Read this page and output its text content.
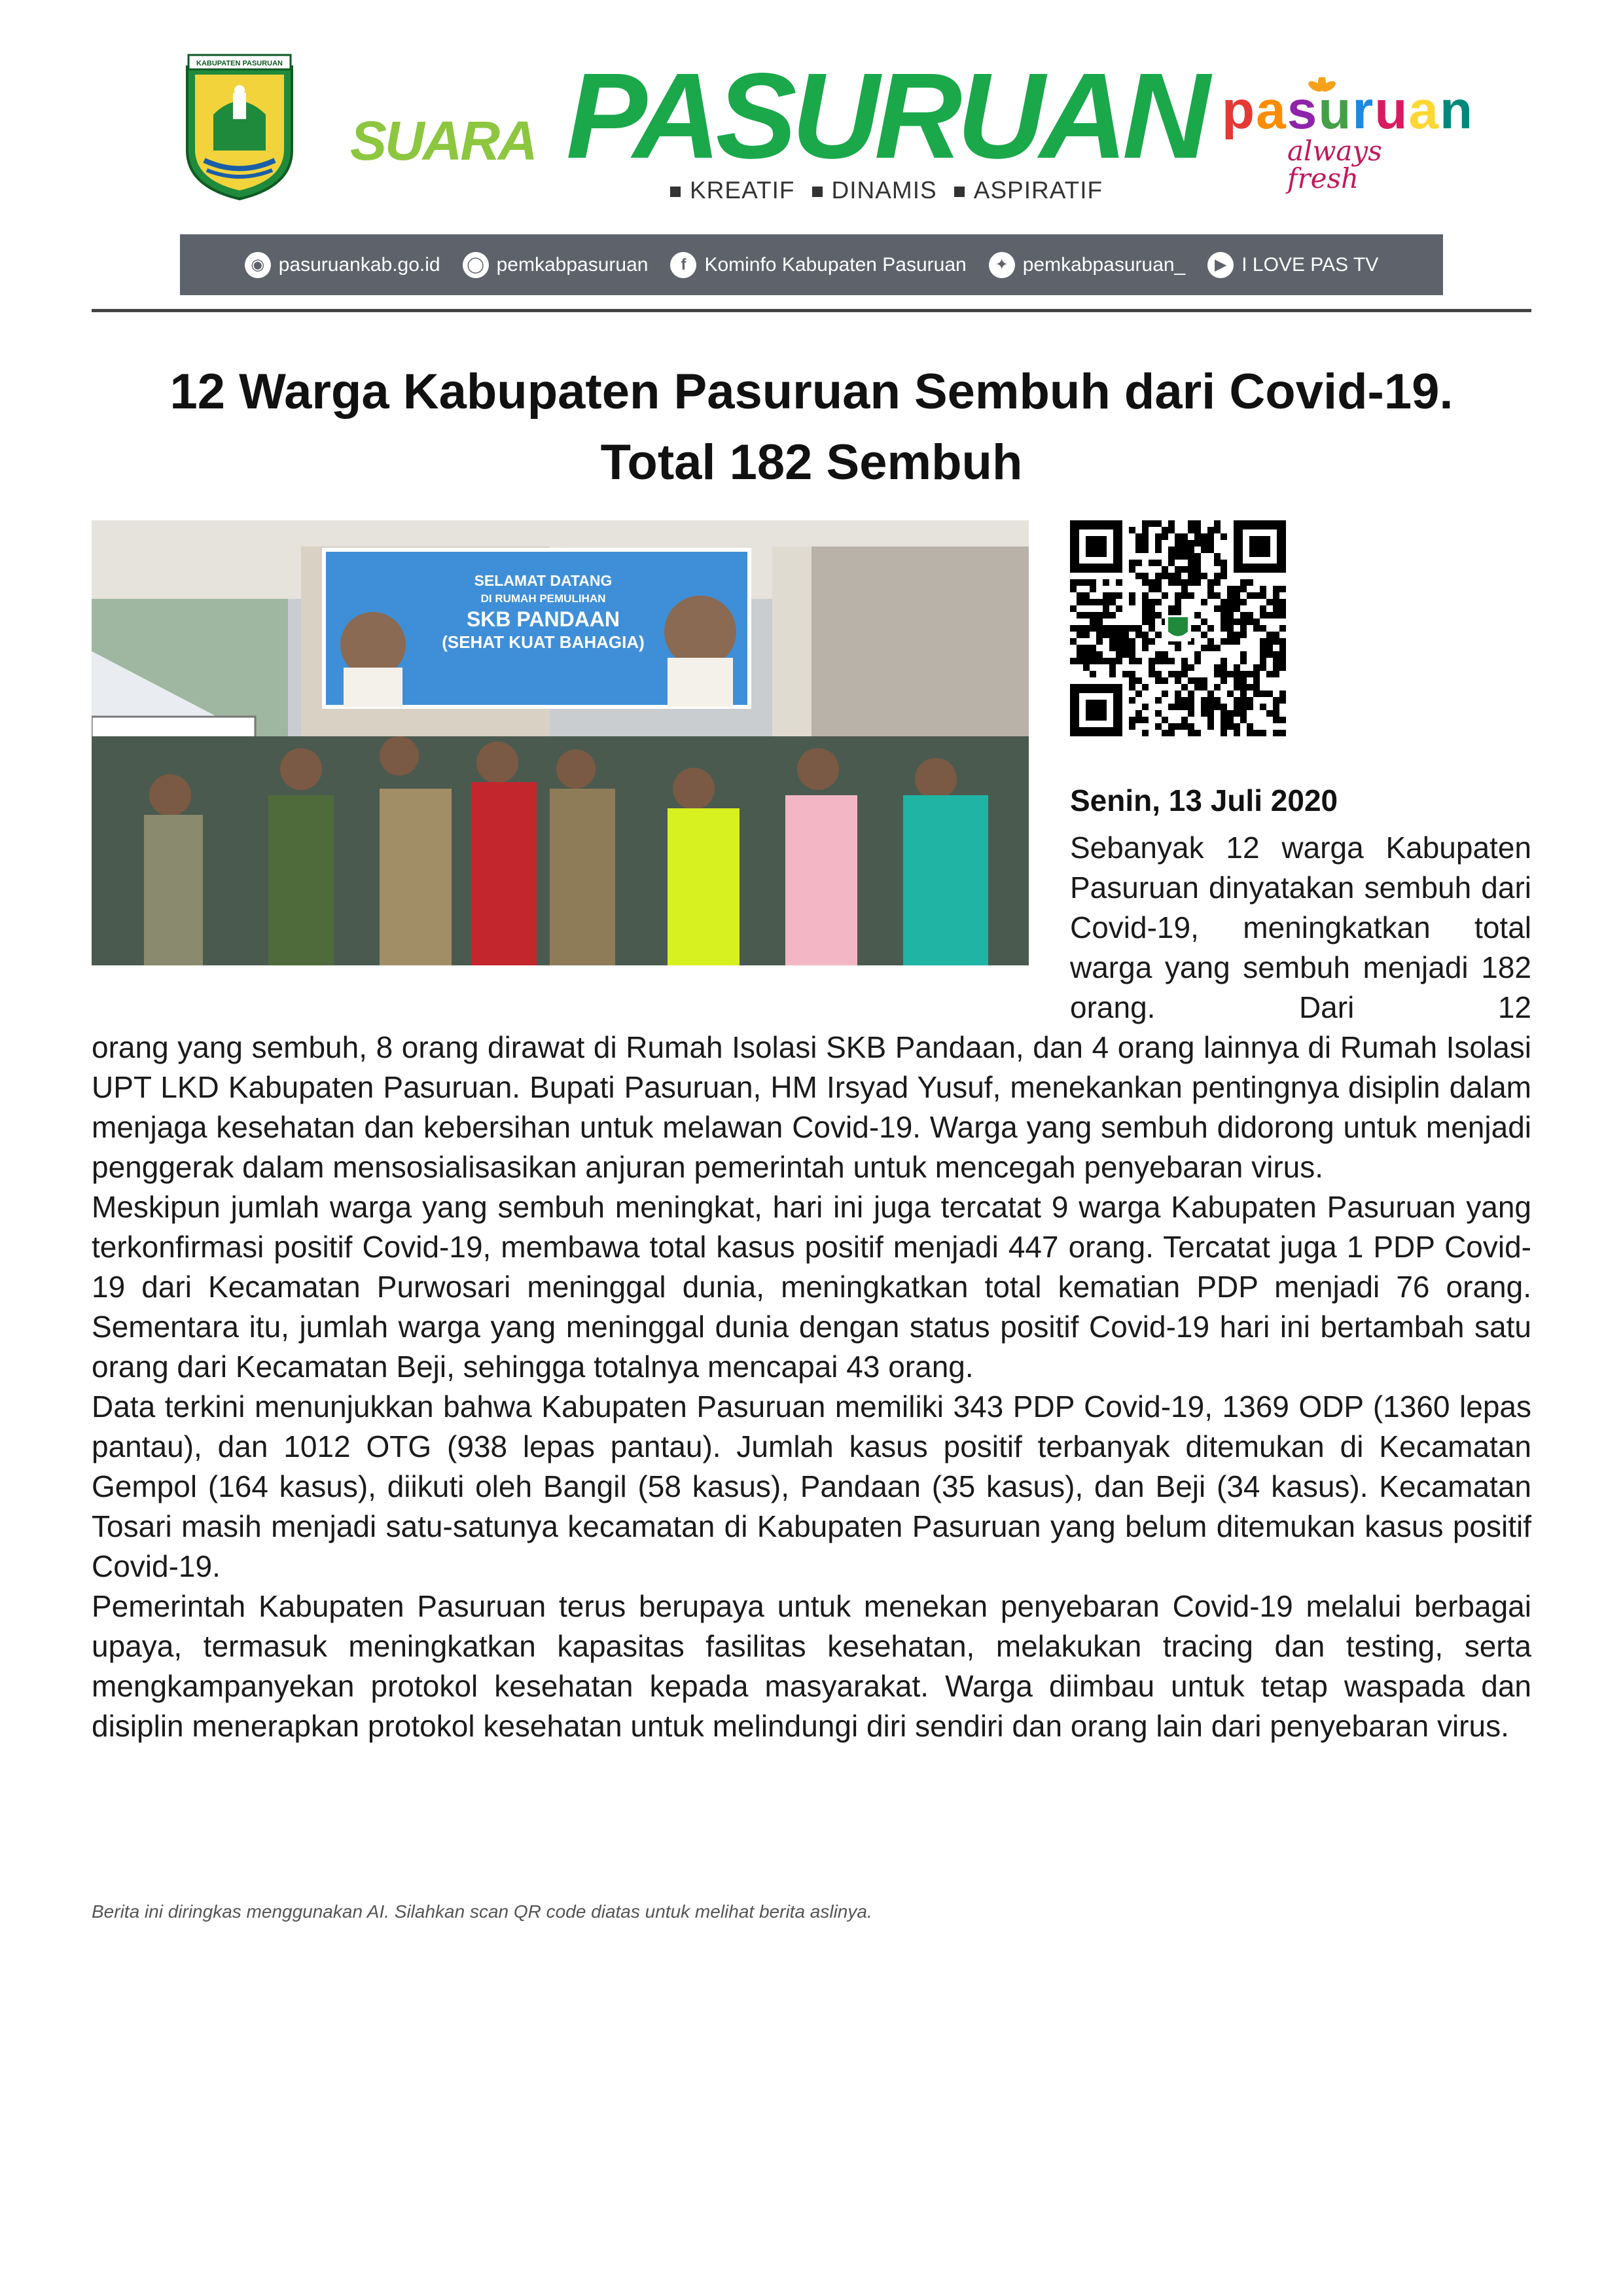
KABUPATEN PASURUAN
SUARA PASURUAN
KREATIF	DINAMIS	ASPIRATIF
pasuruan
always fresh
◉ pasuruankab.go.id ◯ pemkabpasuruan	f Kominfo Kabupaten Pasuruan	✦ pemkabpasuruan_	▶ I LOVE PAS TV
12 Warga Kabupaten Pasuruan Sembuh dari Covid-19.
Total 182 Sembuh
SELAMAT DATANG
DI RUMAH PEMULIHAN
SKB PANDAAN
(SEHAT KUAT BAHAGIA)
Senin, 13 Juli 2020

Sebanyak 12 warga Kabupaten Pasuruan dinyatakan sembuh dari Covid-19, meningkatkan total warga yang sembuh menjadi 182 orang. Dari 12

orang yang sembuh, 8 orang dirawat di Rumah Isolasi SKB Pandaan, dan 4 orang lainnya di Rumah Isolasi UPT LKD Kabupaten Pasuruan. Bupati Pasuruan, HM Irsyad Yusuf, menekankan pentingnya disiplin dalam menjaga kesehatan dan kebersihan untuk melawan Covid-19. Warga yang sembuh didorong untuk menjadi penggerak dalam mensosialisasikan anjuran pemerintah untuk mencegah penyebaran virus.

Meskipun jumlah warga yang sembuh meningkat, hari ini juga tercatat 9 warga Kabupaten Pasuruan yang terkonfirmasi positif Covid-19, membawa total kasus positif menjadi 447 orang. Tercatat juga 1 PDP Covid-19 dari Kecamatan Purwosari meninggal dunia, meningkatkan total kematian PDP menjadi 76 orang. Sementara itu, jumlah warga yang meninggal dunia dengan status positif Covid-19 hari ini bertambah satu orang dari Kecamatan Beji, sehingga totalnya mencapai 43 orang.

Data terkini menunjukkan bahwa Kabupaten Pasuruan memiliki 343 PDP Covid-19, 1369 ODP (1360 lepas pantau), dan 1012 OTG (938 lepas pantau). Jumlah kasus positif terbanyak ditemukan di Kecamatan Gempol (164 kasus), diikuti oleh Bangil (58 kasus), Pandaan (35 kasus), dan Beji (34 kasus). Kecamatan Tosari masih menjadi satu-satunya kecamatan di Kabupaten Pasuruan yang belum ditemukan kasus positif Covid-19.

Pemerintah Kabupaten Pasuruan terus berupaya untuk menekan penyebaran Covid-19 melalui berbagai upaya, termasuk meningkatkan kapasitas fasilitas kesehatan, melakukan tracing dan testing, serta mengkampanyekan protokol kesehatan kepada masyarakat. Warga diimbau untuk tetap waspada dan disiplin menerapkan protokol kesehatan untuk melindungi diri sendiri dan orang lain dari penyebaran virus.

Berita ini diringkas menggunakan AI. Silahkan scan QR code diatas untuk melihat berita aslinya.
